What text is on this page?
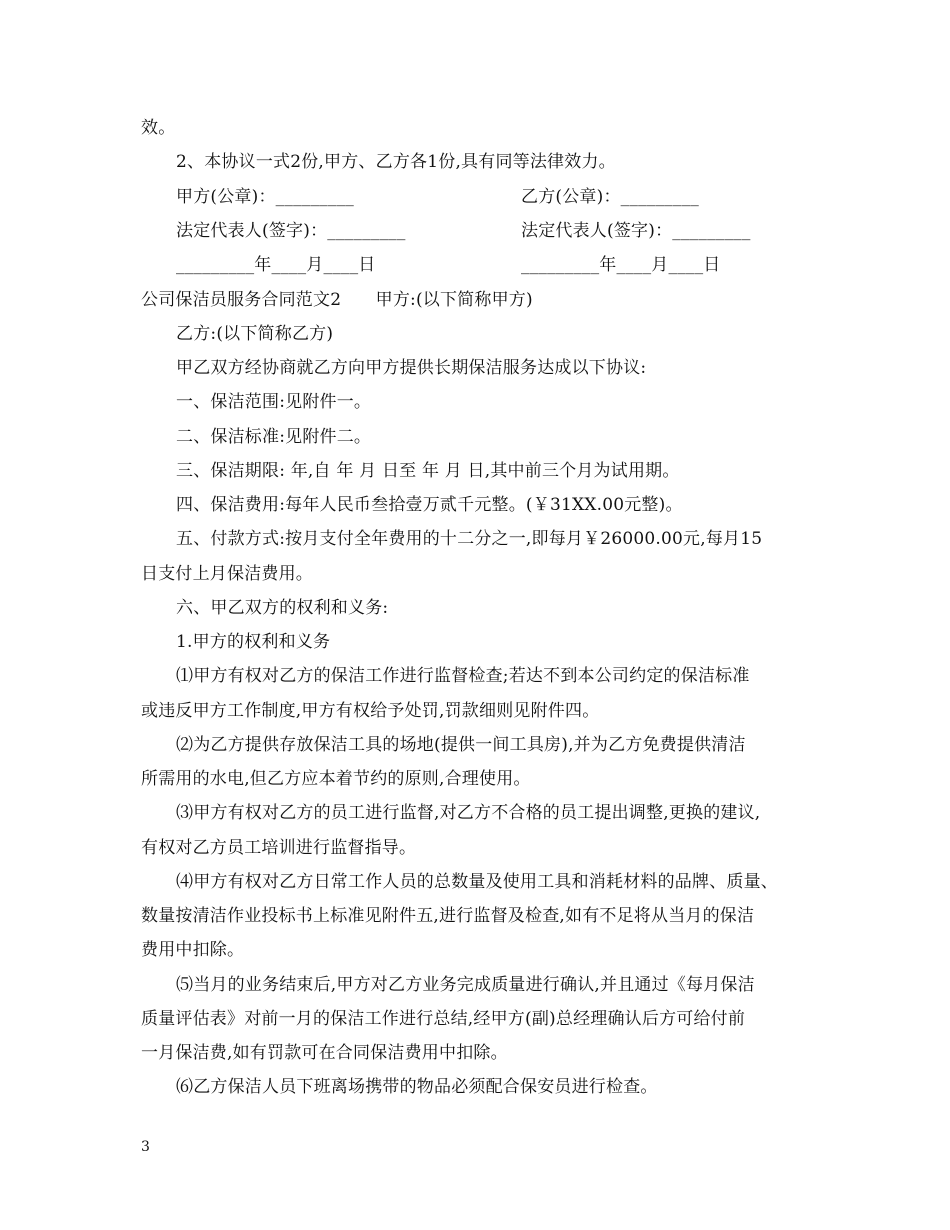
效。
2、本协议一式2份,甲方、乙方各1份,具有同等法律效力。
甲方(公章)：_________	乙方(公章)：_________
法定代表人(签字)：_________	法定代表人(签字)：_________
_________年____月____日	_________年____月____日
公司保洁员服务合同范文2　　甲方:(以下简称甲方)
乙方:(以下简称乙方)
甲乙双方经协商就乙方向甲方提供长期保洁服务达成以下协议:
一、保洁范围:见附件一。
二、保洁标准:见附件二。
三、保洁期限: 年,自 年 月 日至 年 月 日,其中前三个月为试用期。
四、保洁费用:每年人民币叁拾壹万贰千元整。(￥31XX.00元整)。
五、付款方式:按月支付全年费用的十二分之一,即每月￥26000.00元,每月15
日支付上月保洁费用。
六、甲乙双方的权利和义务:
1.甲方的权利和义务
⑴甲方有权对乙方的保洁工作进行监督检查;若达不到本公司约定的保洁标准
或违反甲方工作制度,甲方有权给予处罚,罚款细则见附件四。
⑵为乙方提供存放保洁工具的场地(提供一间工具房),并为乙方免费提供清洁
所需用的水电,但乙方应本着节约的原则,合理使用。
⑶甲方有权对乙方的员工进行监督,对乙方不合格的员工提出调整,更换的建议,
有权对乙方员工培训进行监督指导。
⑷甲方有权对乙方日常工作人员的总数量及使用工具和消耗材料的品牌、质量、
数量按清洁作业投标书上标准见附件五,进行监督及检查,如有不足将从当月的保洁
费用中扣除。
⑸当月的业务结束后,甲方对乙方业务完成质量进行确认,并且通过《每月保洁
质量评估表》对前一月的保洁工作进行总结,经甲方(副)总经理确认后方可给付前
一月保洁费,如有罚款可在合同保洁费用中扣除。
⑹乙方保洁人员下班离场携带的物品必须配合保安员进行检查。
3
